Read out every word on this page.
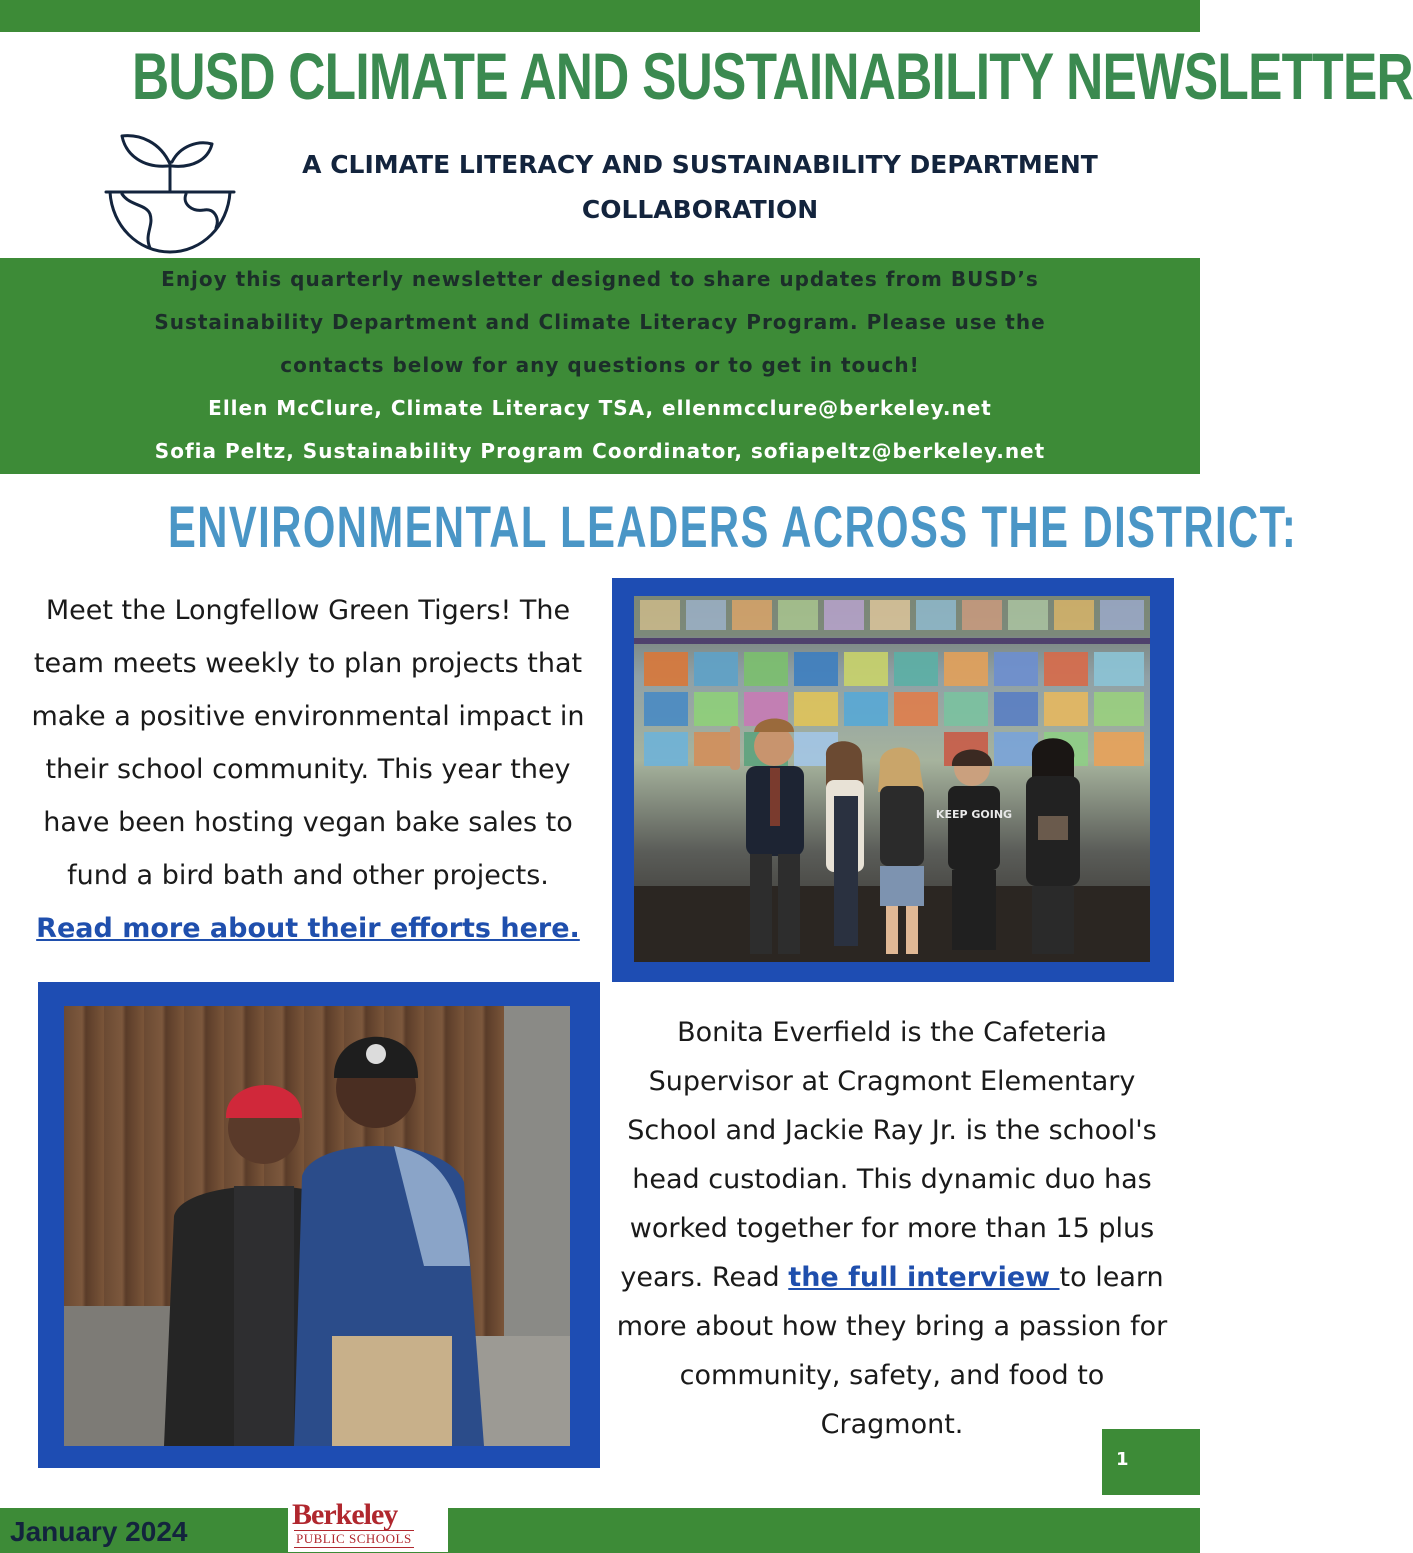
BUSD CLIMATE AND SUSTAINABILITY NEWSLETTER
A CLIMATE LITERACY AND SUSTAINABILITY DEPARTMENT
COLLABORATION
Enjoy this quarterly newsletter designed to share updates from BUSD’s
Sustainability Department and Climate Literacy Program. Please use the
contacts below for any questions or to get in touch!
Ellen McClure, Climate Literacy TSA, ellenmcclure@berkeley.net
Sofia Peltz, Sustainability Program Coordinator, sofiapeltz@berkeley.net
ENVIRONMENTAL LEADERS ACROSS THE DISTRICT:
Meet the Longfellow Green Tigers! The
team meets weekly to plan projects that
make a positive environmental impact in
their school community. This year they
have been hosting vegan bake sales to
fund a bird bath and other projects.
Read more about their efforts here.
KEEP GOING
Bonita Everfield is the Cafeteria
Supervisor at Cragmont Elementary
School and Jackie Ray Jr. is the school's
head custodian. This dynamic duo has
worked together for more than 15 plus
years. Read the full interview to learn
more about how they bring a passion for
community, safety, and food to
Cragmont.
1
January 2024
Berkeley
PUBLIC SCHOOLS
